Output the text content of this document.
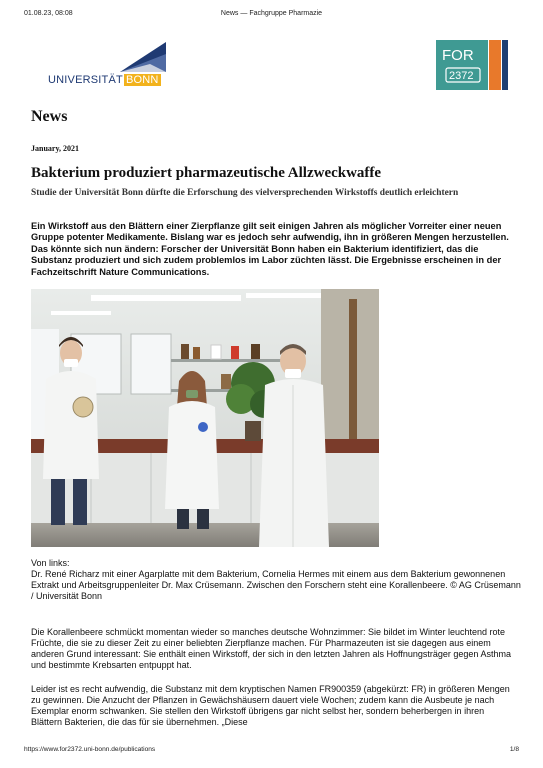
01.08.23, 08:08	News — Fachgruppe Pharmazie
UNIVERSITÄT BONN
FOR
2372
News
January, 2021
Bakterium produziert pharmazeutische Allzweckwaffe
Studie der Universität Bonn dürfte die Erforschung des vielversprechenden Wirkstoffs deutlich erleichtern

Ein Wirkstoff aus den Blättern einer Zierpflanze gilt seit einigen Jahren als möglicher Vorreiter einer neuen Gruppe potenter Medikamente. Bislang war es jedoch sehr aufwendig, ihn in größeren Mengen herzustellen. Das könnte sich nun ändern: Forscher der Universität Bonn haben ein Bakterium identifiziert, das die Substanz produziert und sich zudem problemlos im Labor züchten lässt. Die Ergebnisse erscheinen in der Fachzeitschrift Nature Communications.

Von links:

Dr. René Richarz mit einer Agarplatte mit dem Bakterium, Cornelia Hermes mit einem aus dem Bakterium gewonnenen Extrakt und Arbeitsgruppenleiter Dr. Max Crüsemann. Zwischen den Forschern steht eine Korallenbeere. © AG Crüsemann / Universität Bonn

Die Korallenbeere schmückt momentan wieder so manches deutsche Wohnzimmer: Sie bildet im Winter leuchtend rote Früchte, die sie zu dieser Zeit zu einer beliebten Zierpflanze machen. Für Pharmazeuten ist sie dagegen aus einem anderen Grund interessant: Sie enthält einen Wirkstoff, der sich in den letzten Jahren als Hoffnungsträger gegen Asthma und bestimmte Krebsarten entpuppt hat.

Leider ist es recht aufwendig, die Substanz mit dem kryptischen Namen FR900359 (abgekürzt: FR) in größeren Mengen zu gewinnen. Die Anzucht der Pflanzen in Gewächshäusern dauert viele Wochen; zudem kann die Ausbeute je nach Exemplar enorm schwanken. Sie stellen den Wirkstoff übrigens gar nicht selbst her, sondern beherbergen in ihren Blättern Bakterien, die das für sie übernehmen. „Diese

https://www.for2372.uni-bonn.de/publications	1/8
